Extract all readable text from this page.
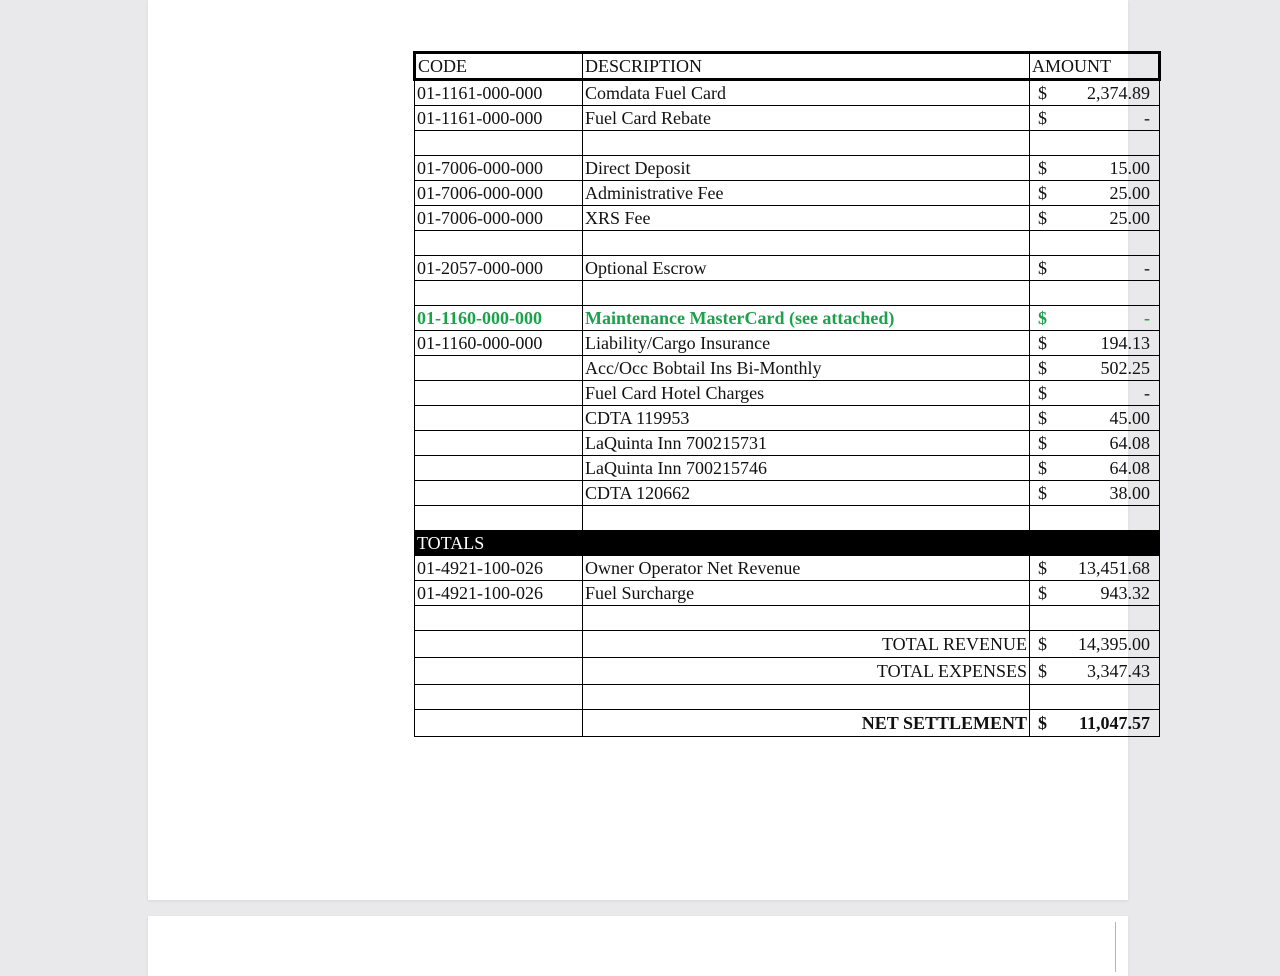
CODE	DESCRIPTION	AMOUNT
01-1161-000-000	Comdata Fuel Card	$ 2,374.89

01-1161-000-000	Fuel Card Rebate	$ -

01-7006-000-000	Direct Deposit	$ 15.00

01-7006-000-000	Administrative Fee	$ 25.00

01-7006-000-000	XRS Fee	$ 25.00

01-2057-000-000	Optional Escrow	$ -

01-1160-000-000	Maintenance MasterCard (see attached)	$ -

01-1160-000-000	Liability/Cargo Insurance	$ 194.13

	Acc/Occ Bobtail Ins Bi-Monthly	$ 502.25

	Fuel Card Hotel Charges	$ -

	CDTA 119953	$ 45.00

	LaQuinta Inn 700215731	$ 64.08

	LaQuinta Inn 700215746	$ 64.08

	CDTA 120662	$ 38.00

TOTALS		
01-4921-100-026	Owner Operator Net Revenue	$ 13,451.68

01-4921-100-026	Fuel Surcharge	$ 943.32

	TOTAL REVENUE	$ 14,395.00

	TOTAL EXPENSES	$ 3,347.43

	NET SETTLEMENT	$ 11,047.57
